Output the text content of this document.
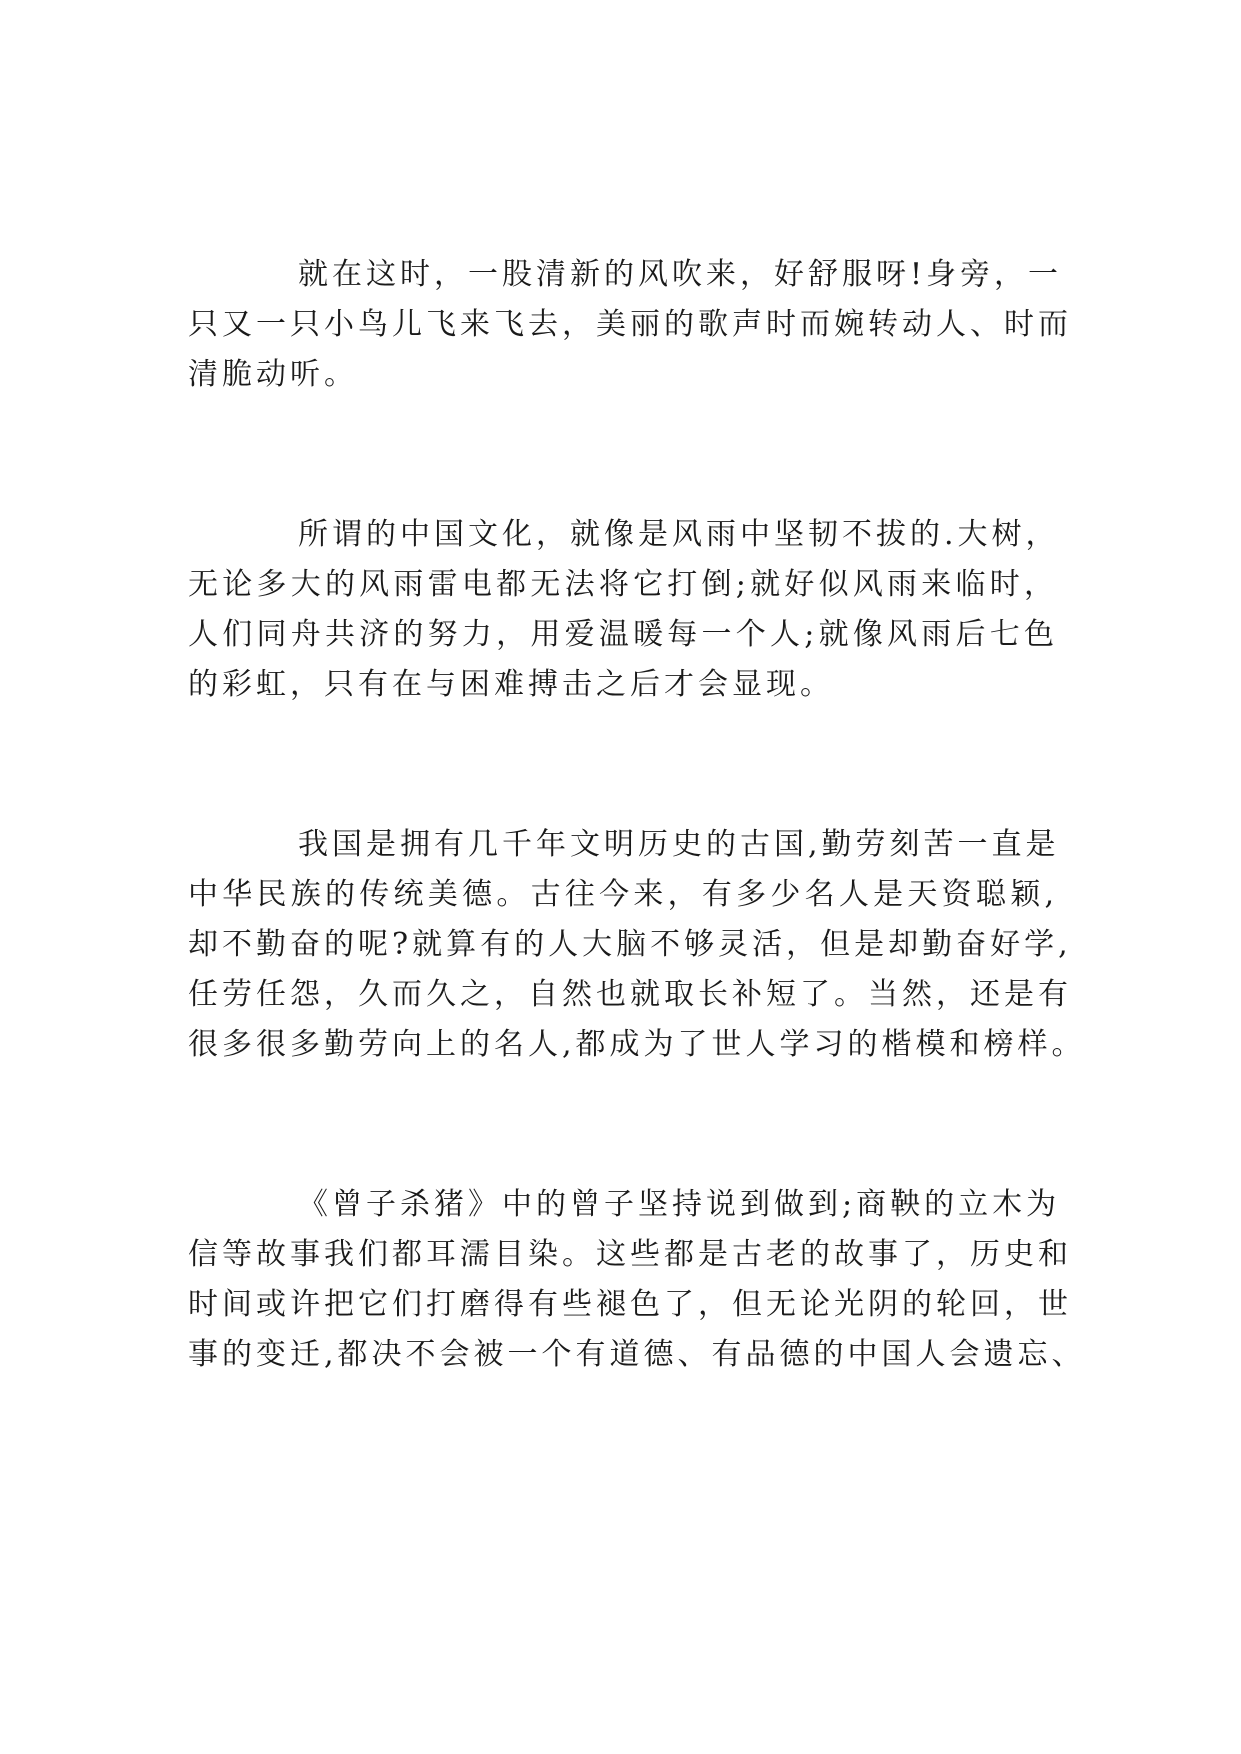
就在这时，一股清新的风吹来，好舒服呀!身旁，一
只又一只小鸟儿飞来飞去，美丽的歌声时而婉转动人、时而
清脆动听。
所谓的中国文化，就像是风雨中坚韧不拔的.大树，
无论多大的风雨雷电都无法将它打倒;就好似风雨来临时，
人们同舟共济的努力，用爱温暖每一个人;就像风雨后七色
的彩虹，只有在与困难搏击之后才会显现。
我国是拥有几千年文明历史的古国,勤劳刻苦一直是
中华民族的传统美德。古往今来，有多少名人是天资聪颖,
却不勤奋的呢?就算有的人大脑不够灵活，但是却勤奋好学,
任劳任怨，久而久之，自然也就取长补短了。当然，还是有
很多很多勤劳向上的名人,都成为了世人学习的楷模和榜样。
《曾子杀猪》中的曾子坚持说到做到;商鞅的立木为
信等故事我们都耳濡目染。这些都是古老的故事了，历史和
时间或许把它们打磨得有些褪色了，但无论光阴的轮回，世
事的变迁,都决不会被一个有道德、有品德的中国人会遗忘、
